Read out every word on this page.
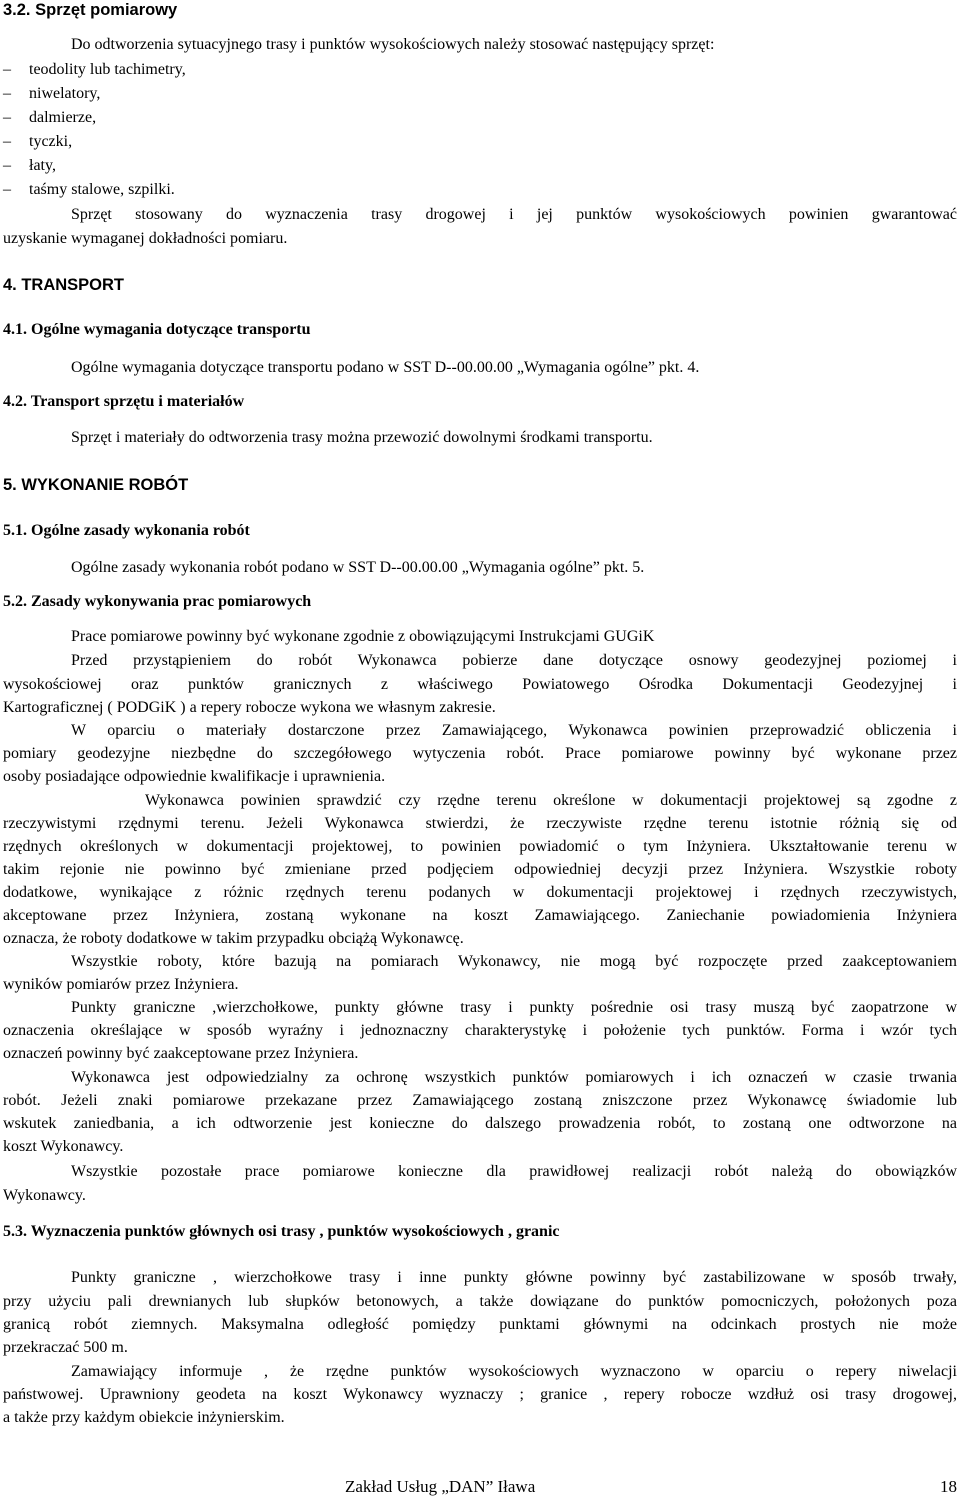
3.2. Sprzęt pomiarowy
Do odtworzenia sytuacyjnego trasy i punktów wysokościowych należy stosować następujący sprzęt:
– teodolity lub tachimetry,
– niwelatory,
– dalmierze,
– tyczki,
– łaty,
– taśmy stalowe, szpilki.
Sprzęt stosowany do wyznaczenia trasy drogowej i jej punktów wysokościowych powinien gwarantować
uzyskanie wymaganej dokładności pomiaru.
4. TRANSPORT
4.1. Ogólne wymagania dotyczące transportu
Ogólne wymagania dotyczące transportu podano w SST D--00.00.00 „Wymagania ogólne” pkt. 4.
4.2. Transport sprzętu i materiałów
Sprzęt i materiały do odtworzenia trasy można przewozić dowolnymi środkami transportu.
5. WYKONANIE ROBÓT
5.1. Ogólne zasady wykonania robót
Ogólne zasady wykonania robót podano w SST D--00.00.00 „Wymagania ogólne” pkt. 5.
5.2. Zasady wykonywania prac pomiarowych
Prace pomiarowe powinny być wykonane zgodnie z obowiązującymi Instrukcjami GUGiK
Przed przystąpieniem do robót Wykonawca pobierze dane dotyczące osnowy geodezyjnej poziomej i
wysokościowej oraz punktów granicznych z właściwego Powiatowego Ośrodka Dokumentacji Geodezyjnej i
Kartograficznej ( PODGiK ) a repery robocze wykona we własnym zakresie.
W oparciu o materiały dostarczone przez Zamawiającego, Wykonawca powinien przeprowadzić obliczenia i
pomiary geodezyjne niezbędne do szczegółowego wytyczenia robót. Prace pomiarowe powinny być wykonane przez
osoby posiadające odpowiednie kwalifikacje i uprawnienia.
Wykonawca powinien sprawdzić czy rzędne terenu określone w dokumentacji projektowej są zgodne z
rzeczywistymi rzędnymi terenu. Jeżeli Wykonawca stwierdzi, że rzeczywiste rzędne terenu istotnie różnią się od
rzędnych określonych w dokumentacji projektowej, to powinien powiadomić o tym Inżyniera. Ukształtowanie terenu w
takim rejonie nie powinno być zmieniane przed podjęciem odpowiedniej decyzji przez Inżyniera. Wszystkie roboty
dodatkowe, wynikające z różnic rzędnych terenu podanych w dokumentacji projektowej i rzędnych rzeczywistych,
akceptowane przez Inżyniera, zostaną wykonane na koszt Zamawiającego. Zaniechanie powiadomienia Inżyniera
oznacza, że roboty dodatkowe w takim przypadku obciążą Wykonawcę.
Wszystkie roboty, które bazują na pomiarach Wykonawcy, nie mogą być rozpoczęte przed zaakceptowaniem
wyników pomiarów przez Inżyniera.
Punkty graniczne ,wierzchołkowe, punkty główne trasy i punkty pośrednie osi trasy muszą być zaopatrzone w
oznaczenia określające w sposób wyraźny i jednoznaczny charakterystykę i położenie tych punktów. Forma i wzór tych
oznaczeń powinny być zaakceptowane przez Inżyniera.
Wykonawca jest odpowiedzialny za ochronę wszystkich punktów pomiarowych i ich oznaczeń w czasie trwania
robót. Jeżeli znaki pomiarowe przekazane przez Zamawiającego zostaną zniszczone przez Wykonawcę świadomie lub
wskutek zaniedbania, a ich odtworzenie jest konieczne do dalszego prowadzenia robót, to zostaną one odtworzone na
koszt Wykonawcy.
Wszystkie pozostałe prace pomiarowe konieczne dla prawidłowej realizacji robót należą do obowiązków
Wykonawcy.
5.3. Wyznaczenia punktów głównych osi trasy , punktów wysokościowych , granic
Punkty graniczne , wierzchołkowe trasy i inne punkty główne powinny być zastabilizowane w sposób trwały,
przy użyciu pali drewnianych lub słupków betonowych, a także dowiązane do punktów pomocniczych, położonych poza
granicą robót ziemnych. Maksymalna odległość pomiędzy punktami głównymi na odcinkach prostych nie może
przekraczać 500 m.
Zamawiający informuje , że rzędne punktów wysokościowych wyznaczono w oparciu o repery niwelacji
państwowej. Uprawniony geodeta na koszt Wykonawcy wyznaczy ; granice , repery robocze wzdłuż osi trasy drogowej,
a także przy każdym obiekcie inżynierskim.
Zakład Usług „DAN” Iława	18
